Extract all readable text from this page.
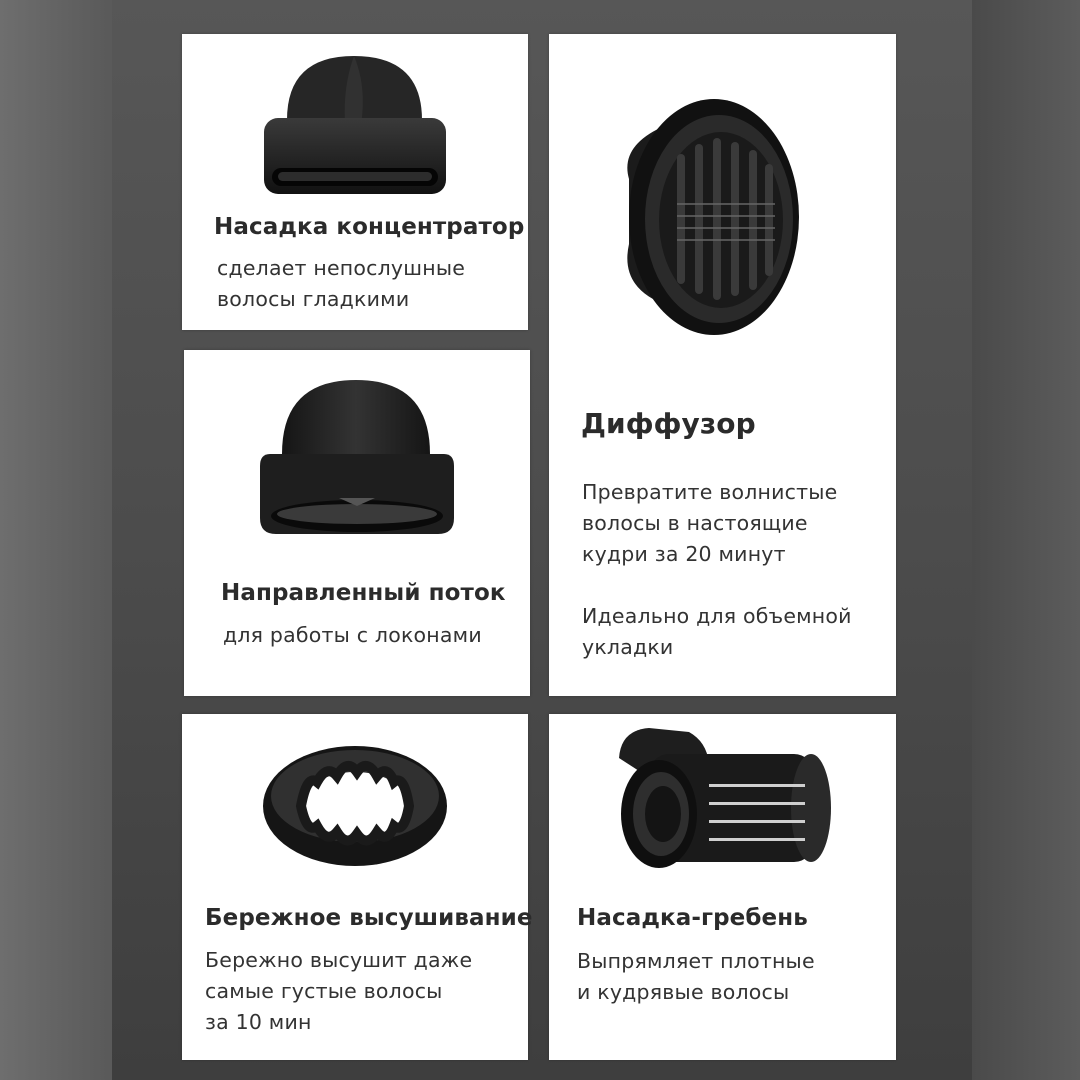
Насадка концентратор
сделает непослушные
волосы гладкими
Направленный поток
для работы с локонами
Диффузор
Превратите волнистые
волосы в настоящие
кудри за 20 минут
Идеально для объемной
укладки
Бережное высушивание
Бережно высушит даже
самые густые волосы
за 10 мин
Насадка-гребень
Выпрямляет плотные
и кудрявые волосы
